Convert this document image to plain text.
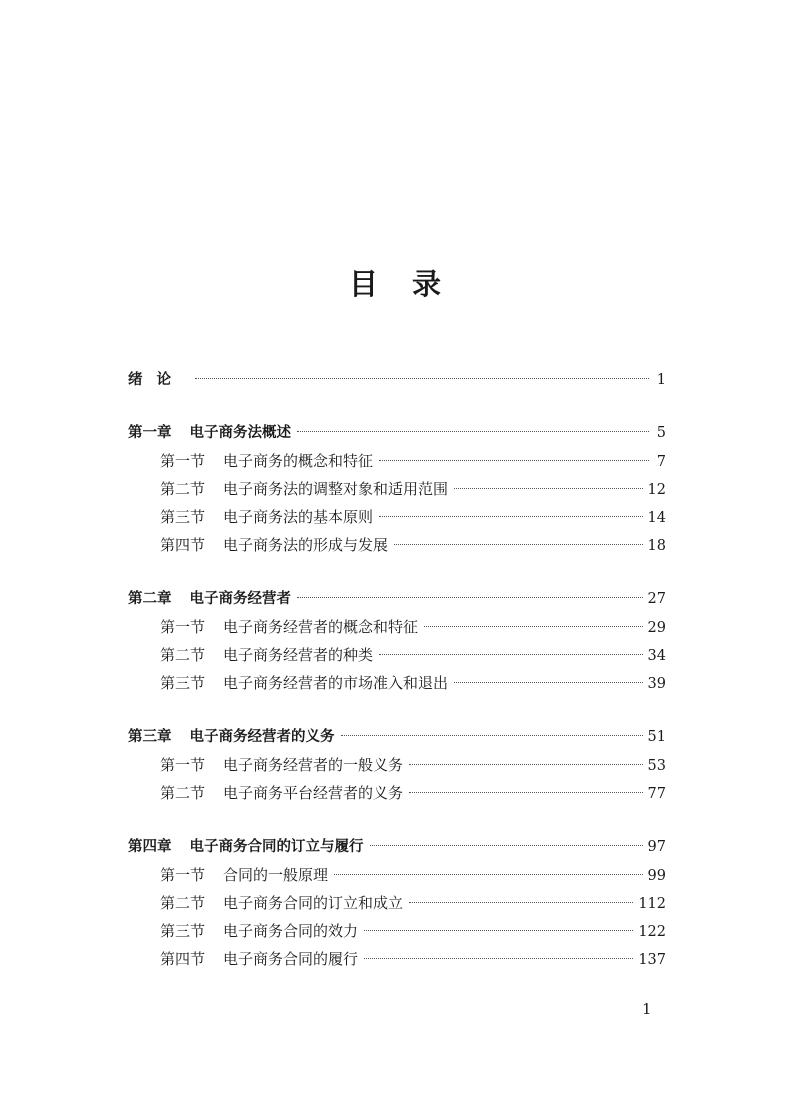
目录
绪论	1
第一章 电子商务法概述	5
第一节 电子商务的概念和特征	7
第二节 电子商务法的调整对象和适用范围	12
第三节 电子商务法的基本原则	14
第四节 电子商务法的形成与发展	18
第二章 电子商务经营者	27
第一节 电子商务经营者的概念和特征	29
第二节 电子商务经营者的种类	34
第三节 电子商务经营者的市场准入和退出	39
第三章 电子商务经营者的义务	51
第一节 电子商务经营者的一般义务	53
第二节 电子商务平台经营者的义务	77
第四章 电子商务合同的订立与履行	97
第一节 合同的一般原理	99
第二节 电子商务合同的订立和成立	112
第三节 电子商务合同的效力	122
第四节 电子商务合同的履行	137
1
